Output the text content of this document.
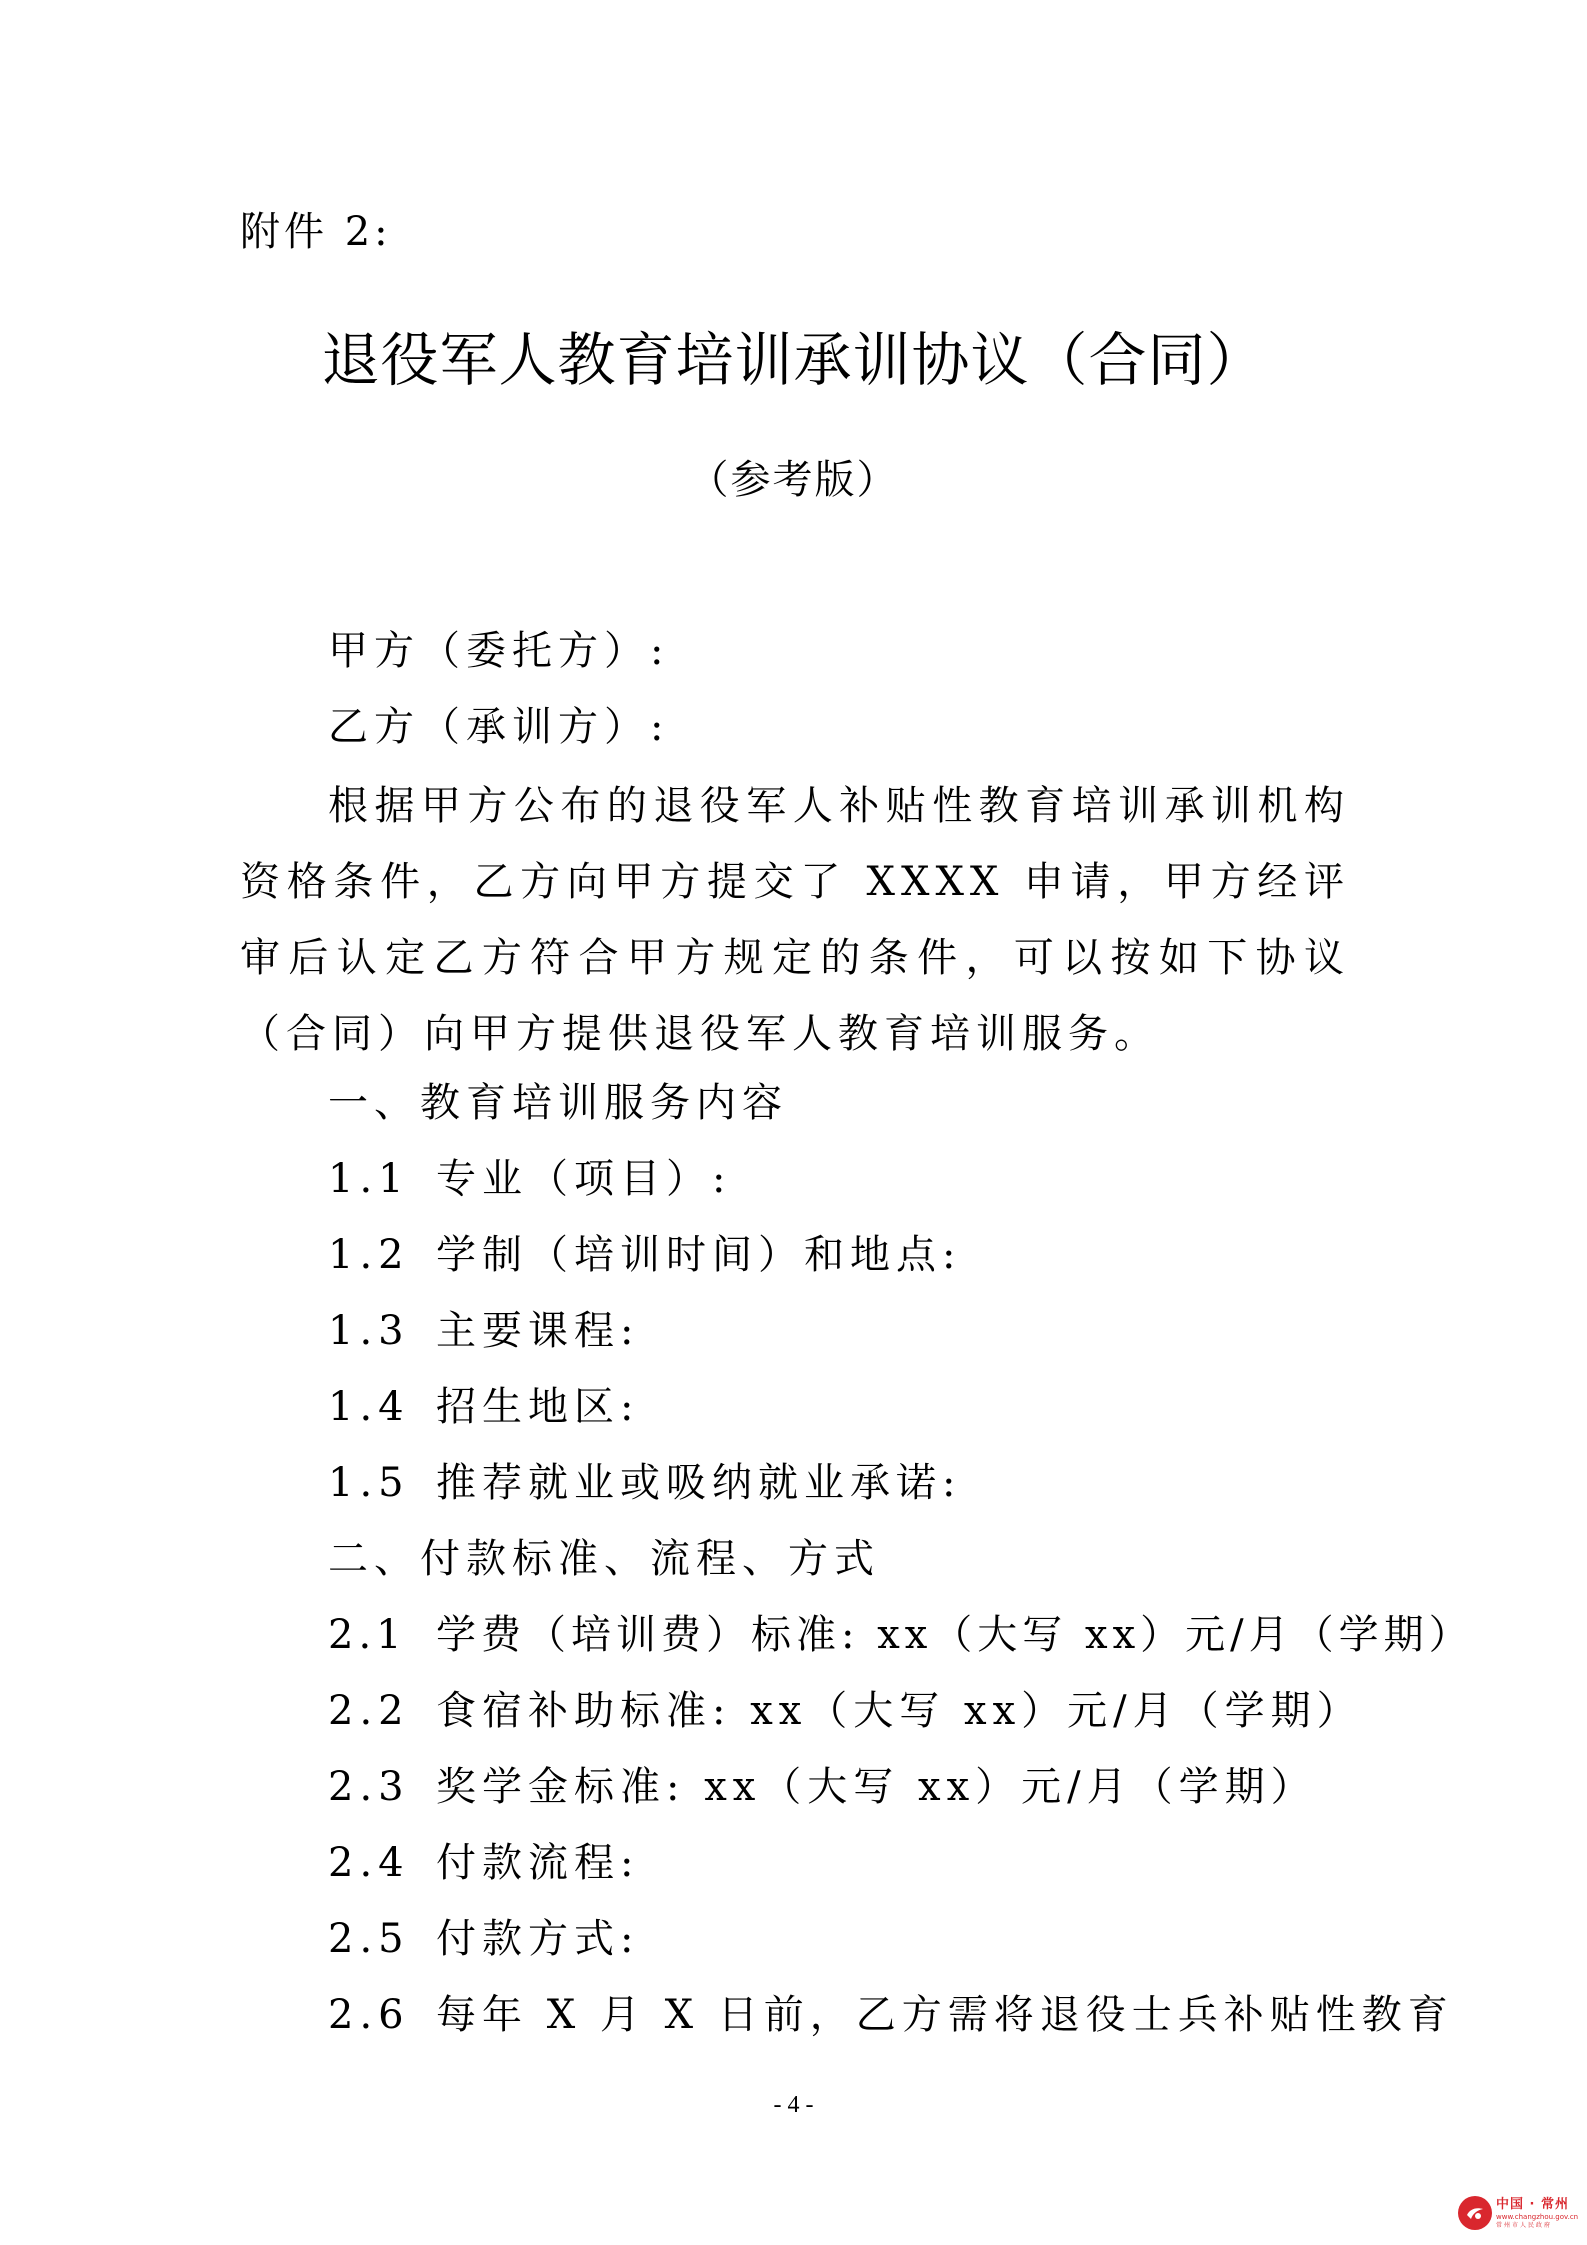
附件 2:
退役军人教育培训承训协议（合同）
（参考版）
甲方（委托方）:
乙方（承训方）:
根据甲方公布的退役军人补贴性教育培训承训机构资格条件，乙方向甲方提交了 XXXX 申请，甲方经评审后认定乙方符合甲方规定的条件，可以按如下协议（合同）向甲方提供退役军人教育培训服务。
一、教育培训服务内容
1.1 专业（项目）:
1.2 学制（培训时间）和地点:
1.3 主要课程:
1.4 招生地区:
1.5 推荐就业或吸纳就业承诺:
二、付款标准、流程、方式
2.1 学费（培训费）标准: xx（大写 xx）元/月（学期）
2.2 食宿补助标准: xx（大写 xx）元/月（学期）
2.3 奖学金标准: xx（大写 xx）元/月（学期）
2.4 付款流程:
2.5 付款方式:
2.6 每年 X 月 X 日前，乙方需将退役士兵补贴性教育
- 4 -
中国 · 常州
www.changzhou.gov.cn
常州市人民政府
